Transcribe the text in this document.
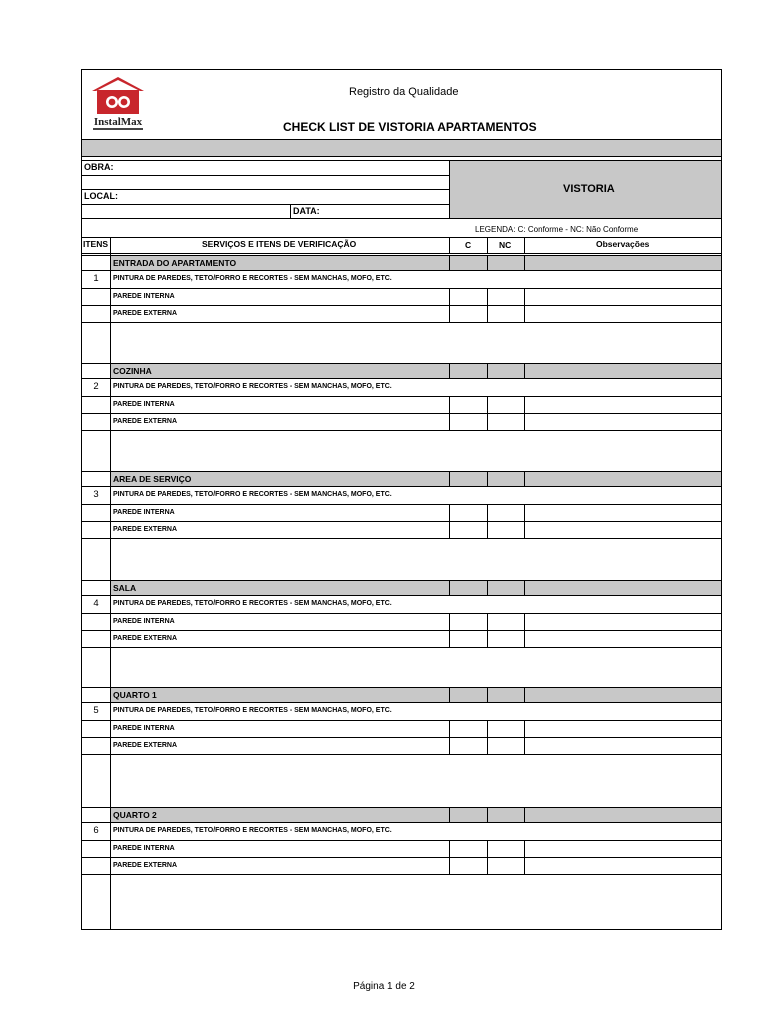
InstalMax
Registro da Qualidade
CHECK LIST DE VISTORIA APARTAMENTOS
VISTORIA
OBRA:
LOCAL:
DATA:
LEGENDA: C: Conforme - NC: Não Conforme
ITENS	SERVIÇOS E ITENS DE VERIFICAÇÃO	C	NC	Observações
ENTRADA DO APARTAMENTO
1	PINTURA DE PAREDES, TETO/FORRO E RECORTES - SEM MANCHAS, MOFO, ETC.
PAREDE INTERNA
PAREDE EXTERNA
COZINHA
2	PINTURA DE PAREDES, TETO/FORRO E RECORTES - SEM MANCHAS, MOFO, ETC.
PAREDE INTERNA
PAREDE EXTERNA
AREA DE SERVIÇO
3	PINTURA DE PAREDES, TETO/FORRO E RECORTES - SEM MANCHAS, MOFO, ETC.
PAREDE INTERNA
PAREDE EXTERNA
SALA
4	PINTURA DE PAREDES, TETO/FORRO E RECORTES - SEM MANCHAS, MOFO, ETC.
PAREDE INTERNA
PAREDE EXTERNA
QUARTO 1
5	PINTURA DE PAREDES, TETO/FORRO E RECORTES - SEM MANCHAS, MOFO, ETC.
PAREDE INTERNA
PAREDE EXTERNA
QUARTO 2
6	PINTURA DE PAREDES, TETO/FORRO E RECORTES - SEM MANCHAS, MOFO, ETC.
PAREDE INTERNA
PAREDE EXTERNA
Página 1 de 2
